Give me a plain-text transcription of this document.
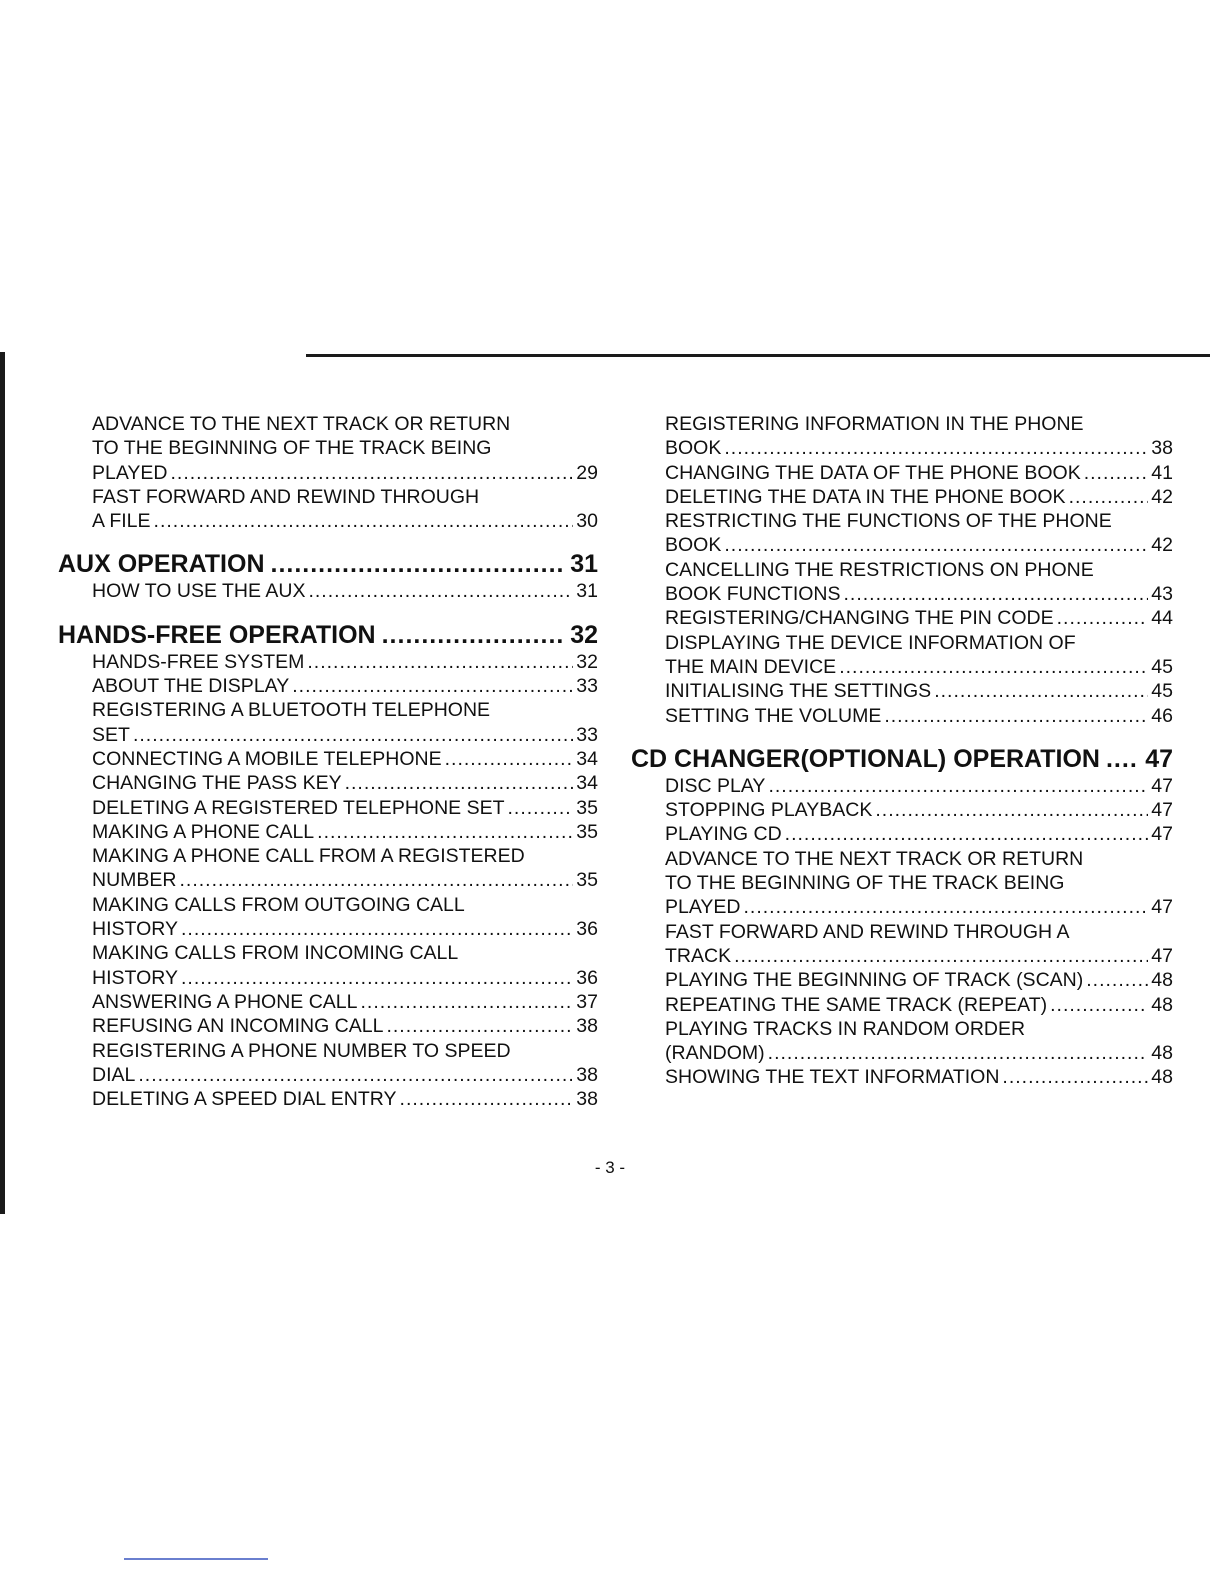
ADVANCE TO THE NEXT TRACK OR RETURN
TO THE BEGINNING OF THE TRACK BEING
PLAYED .....	29
FAST FORWARD AND REWIND THROUGH
A FILE .....	30
AUX OPERATION .....	31
HOW TO USE THE AUX .....	31
HANDS-FREE OPERATION .....	32
HANDS-FREE SYSTEM .....	32
ABOUT THE DISPLAY .....	33
REGISTERING A BLUETOOTH TELEPHONE
SET .....	33
CONNECTING A MOBILE TELEPHONE .....	34
CHANGING THE PASS KEY .....	34
DELETING A REGISTERED TELEPHONE SET .....	35
MAKING A PHONE CALL .....	35
MAKING A PHONE CALL FROM A REGISTERED
NUMBER .....	35
MAKING CALLS FROM OUTGOING CALL
HISTORY .....	36
MAKING CALLS FROM INCOMING CALL
HISTORY .....	36
ANSWERING A PHONE CALL .....	37
REFUSING AN INCOMING CALL .....	38
REGISTERING A PHONE NUMBER TO SPEED
DIAL .....	38
DELETING A SPEED DIAL ENTRY .....	38
REGISTERING INFORMATION IN THE PHONE
BOOK .....	38
CHANGING THE DATA OF THE PHONE BOOK .....	41
DELETING THE DATA IN THE PHONE BOOK .....	42
RESTRICTING THE FUNCTIONS OF THE PHONE
BOOK .....	42
CANCELLING THE RESTRICTIONS ON PHONE
BOOK FUNCTIONS .....	43
REGISTERING/CHANGING THE PIN CODE .....	44
DISPLAYING THE DEVICE INFORMATION OF
THE MAIN DEVICE .....	45
INITIALISING THE SETTINGS .....	45
SETTING THE VOLUME .....	46
CD CHANGER(OPTIONAL) OPERATION ..... 47
DISC PLAY .....	47
STOPPING PLAYBACK .....	47
PLAYING CD .....	47
ADVANCE TO THE NEXT TRACK OR RETURN
TO THE BEGINNING OF THE TRACK BEING
PLAYED .....	47
FAST FORWARD AND REWIND THROUGH A
TRACK .....	47
PLAYING THE BEGINNING OF TRACK (SCAN) .....	48
REPEATING THE SAME TRACK (REPEAT) .....	48
PLAYING TRACKS IN RANDOM ORDER
(RANDOM) .....	48
SHOWING THE TEXT INFORMATION .....	48
- 3 -
